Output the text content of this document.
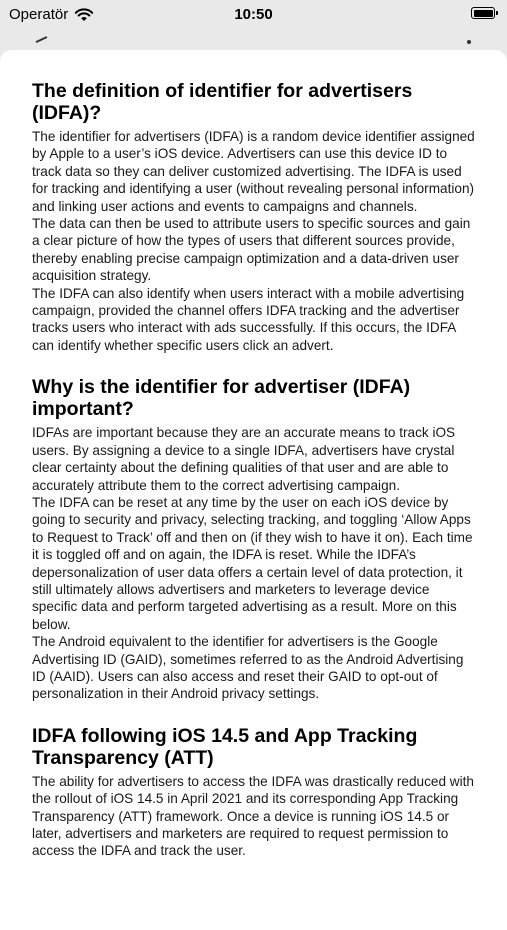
Operatör	10:50
The definition of identifier for advertisers (IDFA)?

The identifier for advertisers (IDFA) is a random device identifier assigned by Apple to a user’s iOS device. Advertisers can use this device ID to track data so they can deliver customized advertising. The IDFA is used for tracking and identifying a user (without revealing personal information) and linking user actions and events to campaigns and channels.

The data can then be used to attribute users to specific sources and gain a clear picture of how the types of users that different sources provide, thereby enabling precise campaign optimization and a data-driven user acquisition strategy.

The IDFA can also identify when users interact with a mobile advertising campaign, provided the channel offers IDFA tracking and the advertiser tracks users who interact with ads successfully. If this occurs, the IDFA can identify whether specific users click an advert.

Why is the identifier for advertiser (IDFA) important?

IDFAs are important because they are an accurate means to track iOS users. By assigning a device to a single IDFA, advertisers have crystal clear certainty about the defining qualities of that user and are able to accurately attribute them to the correct advertising campaign.

The IDFA can be reset at any time by the user on each iOS device by going to security and privacy, selecting tracking, and toggling ‘Allow Apps to Request to Track’ off and then on (if they wish to have it on). Each time it is toggled off and on again, the IDFA is reset. While the IDFA’s depersonalization of user data offers a certain level of data protection, it still ultimately allows advertisers and marketers to leverage device specific data and perform targeted advertising as a result. More on this below.

The Android equivalent to the identifier for advertisers is the Google Advertising ID (GAID), sometimes referred to as the Android Advertising ID (AAID). Users can also access and reset their GAID to opt-out of personalization in their Android privacy settings.

IDFA following iOS 14.5 and App Tracking Transparency (ATT)

The ability for advertisers to access the IDFA was drastically reduced with the rollout of iOS 14.5 in April 2021 and its corresponding App Tracking Transparency (ATT) framework. Once a device is running iOS 14.5 or later, advertisers and marketers are required to request permission to access the IDFA and track the user.
